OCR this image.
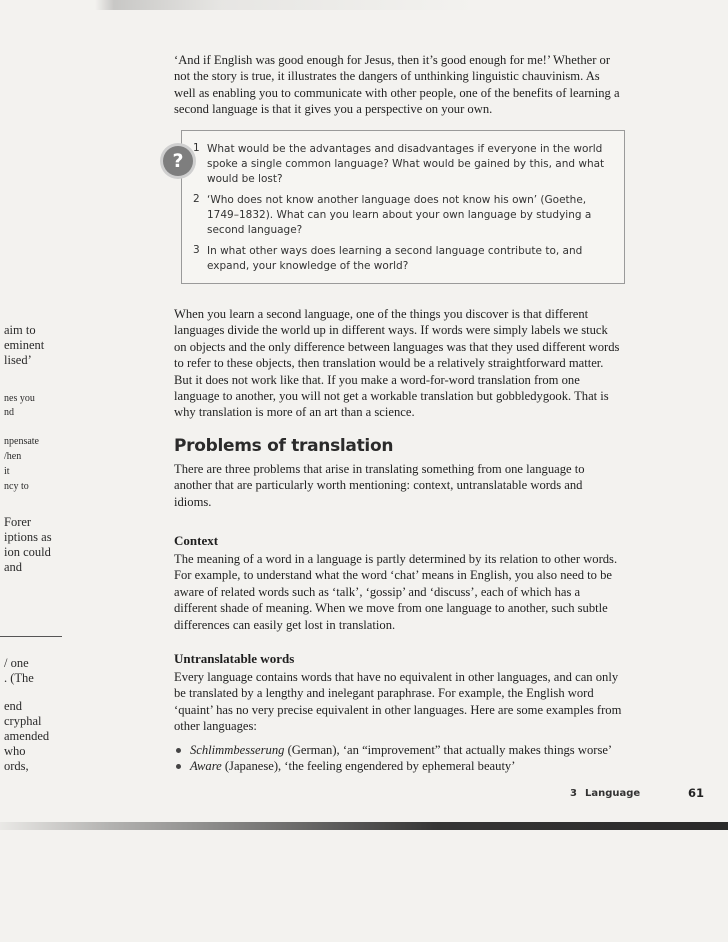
aim to
eminent
lised’
nes you
nd
npensate
/hen
it
ncy to
Forer
iptions as
ion could
and
/ one
. (The
end
cryphal
amended
who
ords,

‘And if English was good enough for Jesus, then it’s good enough for me!’ Whether or not the story is true, it illustrates the dangers of unthinking linguistic chauvinism. As well as enabling you to communicate with other people, one of the benefits of learning a second language is that it gives you a perspective on your own.

?
1 What would be the advantages and disadvantages if everyone in the world spoke a single common language? What would be gained by this, and what would be lost?
2 ‘Who does not know another language does not know his own’ (Goethe, 1749–1832). What can you learn about your own language by studying a second language?
3 In what other ways does learning a second language contribute to, and expand, your knowledge of the world?

When you learn a second language, one of the things you discover is that different languages divide the world up in different ways. If words were simply labels we stuck on objects and the only difference between languages was that they used different words to refer to these objects, then translation would be a relatively straightforward matter. But it does not work like that. If you make a word-for-word translation from one language to another, you will not get a workable translation but gobbledygook. That is why translation is more of an art than a science.

Problems of translation

There are three problems that arise in translating something from one language to another that are particularly worth mentioning: context, untranslatable words and idioms.

Context

The meaning of a word in a language is partly determined by its relation to other words. For example, to understand what the word ‘chat’ means in English, you also need to be aware of related words such as ‘talk’, ‘gossip’ and ‘discuss’, each of which has a different shade of meaning. When we move from one language to another, such subtle differences can easily get lost in translation.

Untranslatable words

Every language contains words that have no equivalent in other languages, and can only be translated by a lengthy and inelegant paraphrase. For example, the English word ‘quaint’ has no very precise equivalent in other languages. Here are some examples from other languages:

Schlimmbesserung (German), ‘an “improvement” that actually makes things worse’
Aware (Japanese), ‘the feeling engendered by ephemeral beauty’
3 Language	61
